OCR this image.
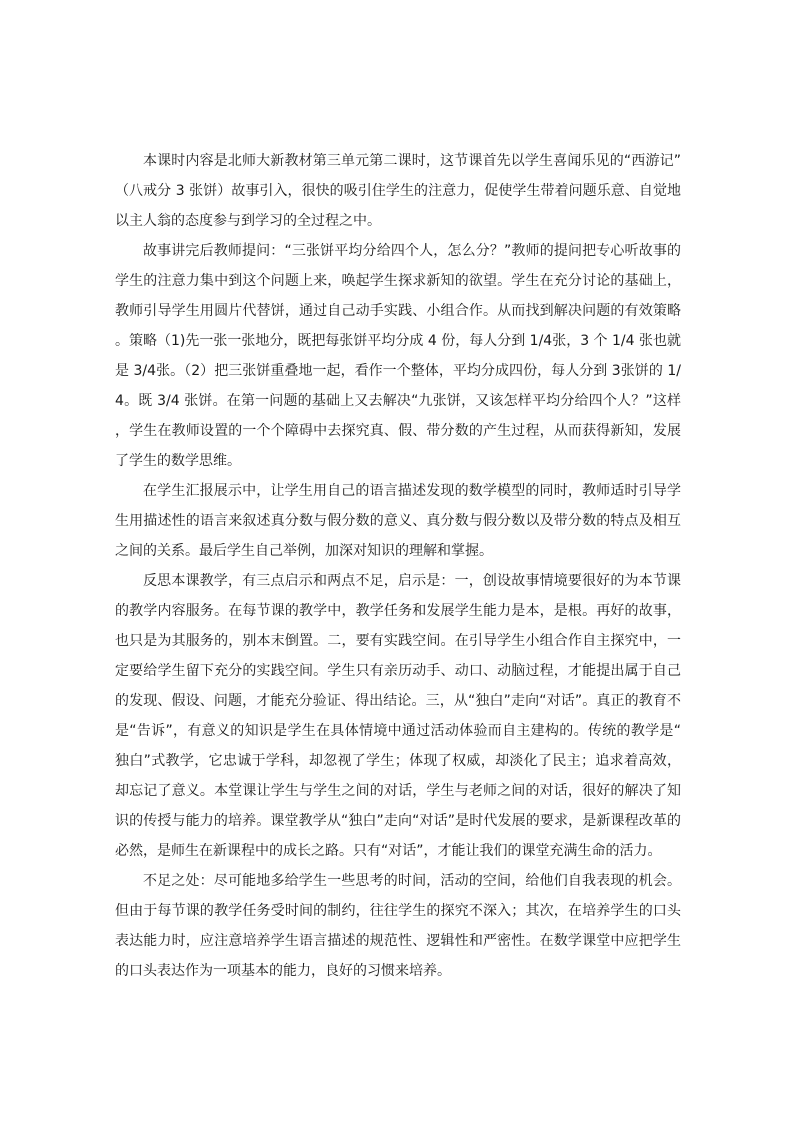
本课时内容是北师大新教材第三单元第二课时，这节课首先以学生喜闻乐见的“西游记”（八戒分 3 张饼）故事引入，很快的吸引住学生的注意力，促使学生带着问题乐意、自觉地以主人翁的态度参与到学习的全过程之中。

故事讲完后教师提问：“三张饼平均分给四个人，怎么分？”教师的提问把专心听故事的学生的注意力集中到这个问题上来，唤起学生探求新知的欲望。学生在充分讨论的基础上，教师引导学生用圆片代替饼，通过自己动手实践、小组合作。从而找到解决问题的有效策略。策略（1)先一张一张地分，既把每张饼平均分成 4 份，每人分到 1/4张，3 个 1/4 张也就是 3/4张。（2）把三张饼重叠地一起，看作一个整体，平均分成四份，每人分到 3张饼的 1/4。既 3/4 张饼。在第一问题的基础上又去解决“九张饼，又该怎样平均分给四个人？”这样，学生在教师设置的一个个障碍中去探究真、假、带分数的产生过程，从而获得新知，发展了学生的数学思维。

在学生汇报展示中，让学生用自己的语言描述发现的数学模型的同时，教师适时引导学生用描述性的语言来叙述真分数与假分数的意义、真分数与假分数以及带分数的特点及相互之间的关系。最后学生自己举例，加深对知识的理解和掌握。

反思本课教学，有三点启示和两点不足，启示是：一，创设故事情境要很好的为本节课的教学内容服务。在每节课的教学中，教学任务和发展学生能力是本，是根。再好的故事，也只是为其服务的，别本末倒置。二，要有实践空间。在引导学生小组合作自主探究中，一定要给学生留下充分的实践空间。学生只有亲历动手、动口、动脑过程，才能提出属于自己的发现、假设、问题，才能充分验证、得出结论。三，从“独白”走向“对话”。真正的教育不是“告诉”，有意义的知识是学生在具体情境中通过活动体验而自主建构的。传统的教学是“独白”式教学，它忠诚于学科，却忽视了学生；体现了权威，却淡化了民主；追求着高效，却忘记了意义。本堂课让学生与学生之间的对话，学生与老师之间的对话，很好的解决了知识的传授与能力的培养。课堂教学从“独白”走向“对话”是时代发展的要求，是新课程改革的必然，是师生在新课程中的成长之路。只有“对话”，才能让我们的课堂充满生命的活力。

不足之处：尽可能地多给学生一些思考的时间，活动的空间，给他们自我表现的机会。但由于每节课的教学任务受时间的制约，往往学生的探究不深入；其次，在培养学生的口头表达能力时，应注意培养学生语言描述的规范性、逻辑性和严密性。在数学课堂中应把学生的口头表达作为一项基本的能力，良好的习惯来培养。
